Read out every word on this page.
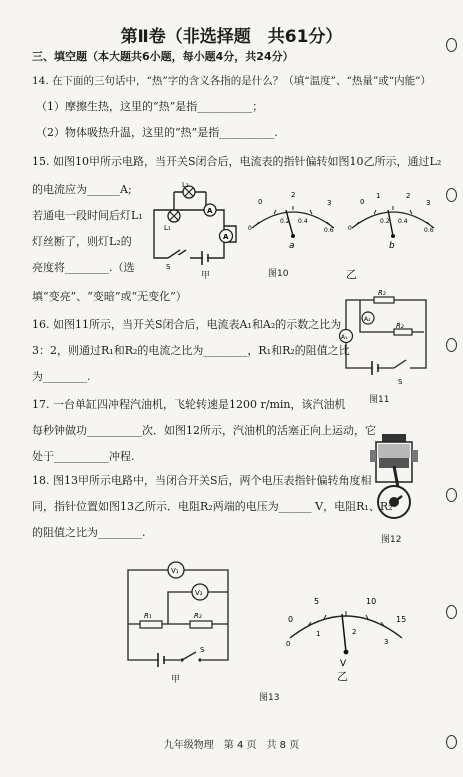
第Ⅱ卷（非选择题　共61分）
三、填空题（本大题共6小题，每小题4分，共24分）
14. 在下面的三句话中，“热”字的含义各指的是什么？（填“温度”、“热量”或“内能”）
（1）摩擦生热，这里的“热”是指__________；
（2）物体吸热升温，这里的“热”是指__________.
15. 如图10甲所示电路，当开关S闭合后，电流表的指针偏转如图10乙所示，通过L₂
的电流应为______A;
若通电一段时间后灯L₁
灯丝断了，则灯L₂的
亮度将________.（选
填“变亮”、“变暗”或“无变化”）
L₂
L₁
A
A
S
甲
0
2
3
0
0.2 0.4
0.6
a
0
1	2
3
0
0.2 0.4
0.6
b
图10	乙
16. 如图11所示，当开关S闭合后，电流表A₁和A₂的示数之比为
3：2，则通过R₁和R₂的电流之比为________，R₁和R₂的阻值之比
为________.
R₂
R₂
A₂
A₁
S
图11
17. 一台单缸四冲程汽油机，飞轮转速是1200 r/min，该汽油机
每秒钟做功__________次．如图12所示，汽油机的活塞正向上运动，它
处于__________冲程.
图12
18. 图13甲所示电路中，当闭合开关S后，两个电压表指针偏转角度相
同，指针位置如图13乙所示．电阻R₂两端的电压为______ V，电阻R₁、R₂
的阻值之比为________.
V₁
V₂
R₁	R₂
S
甲
5	10
15
0
0
1	2
3
V
乙
图13
九年级物理　第 4 页　共 8 页
